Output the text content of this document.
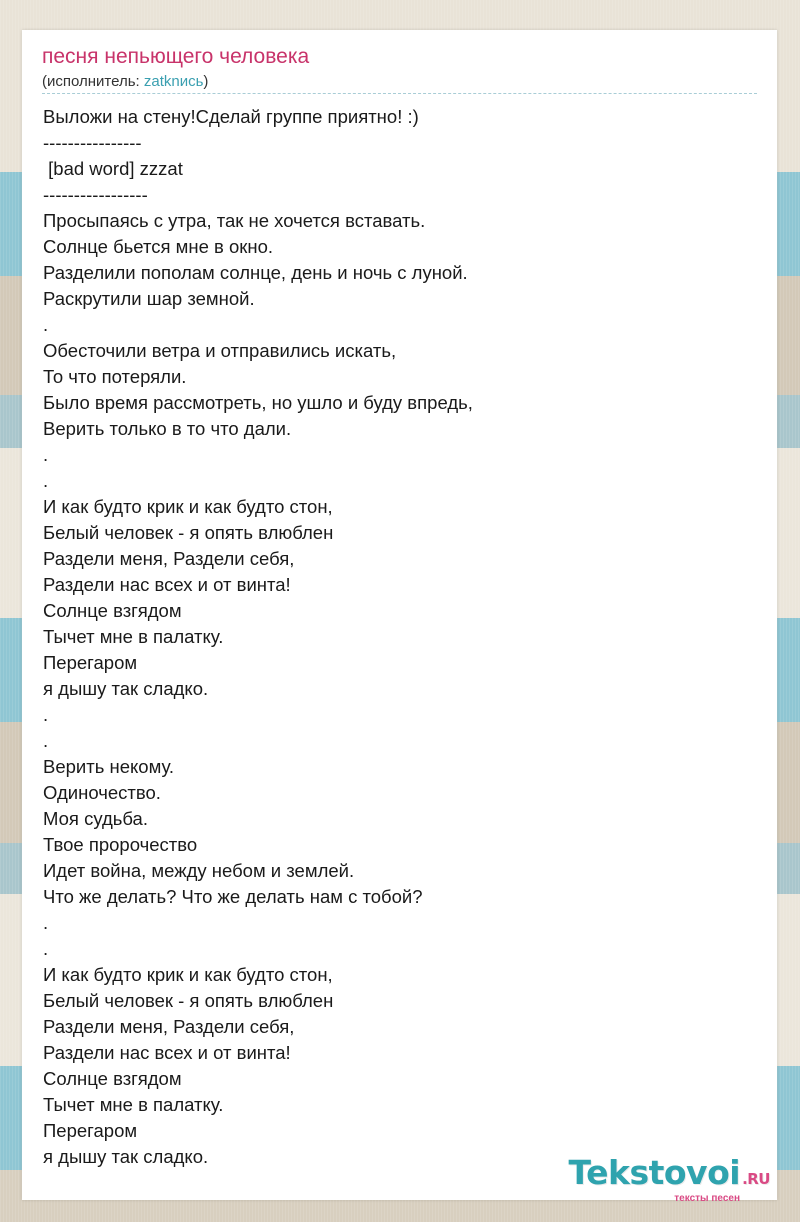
песня непьющего человека
(исполнитель: zatknись)
Выложи на стену!Сделай группе приятно! :)
----------------
[bad word] zzzat
-----------------
Просыпаясь с утра, так не хочется вставать.
Солнце бьется мне в окно.
Разделили пополам солнце, день и ночь с луной.
Раскрутили шар земной.
.
Обесточили ветра и отправились искать,
То что потеряли.
Было время рассмотреть, но ушло и буду впредь,
Верить только в то что дали.
.
.
И как будто крик и как будто стон,
Белый человек - я опять влюблен
Раздели меня, Раздели себя,
Раздели нас всех и от винта!
Солнце взгядом
Тычет мне в палатку.
Перегаром
я дышу так сладко.
.
.
Верить некому.
Одиночество.
Моя судьба.
Твое пророчество
Идет война, между небом и землей.
Что же делать? Что же делать нам с тобой?
.
.
И как будто крик и как будто стон,
Белый человек - я опять влюблен
Раздели меня, Раздели себя,
Раздели нас всех и от винта!
Солнце взгядом
Тычет мне в палатку.
Перегаром
я дышу так сладко.	Tekstovoi .RU
тексты песен
